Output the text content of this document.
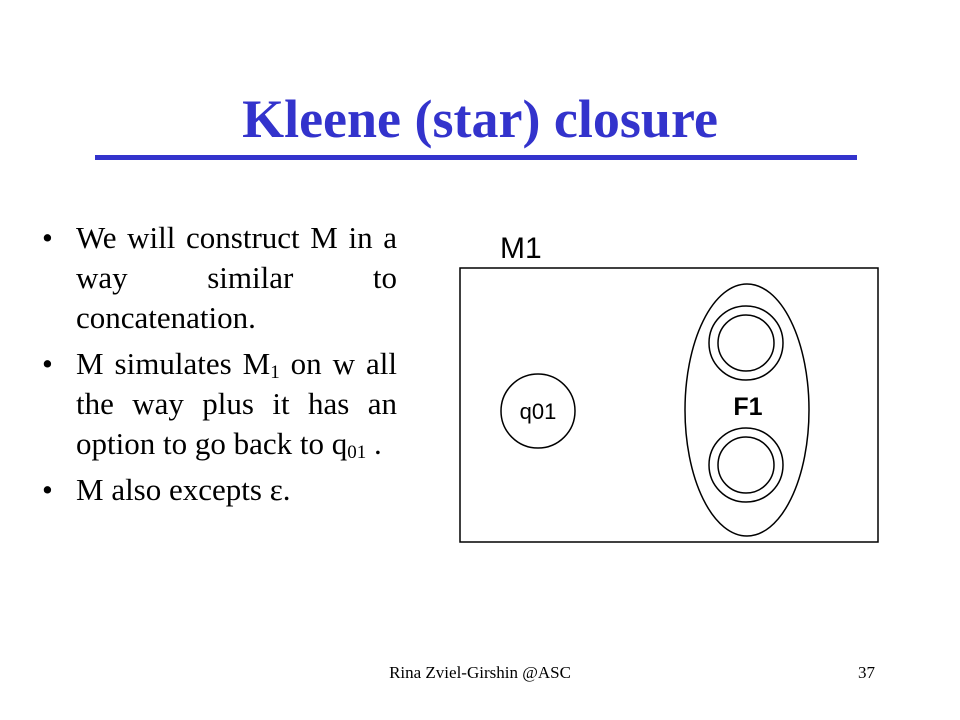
Kleene (star) closure
• We will construct M in a way similar to concatenation.
• M simulates $M_1$ on w all the way plus it has an option to go back to $q_{01}$ .
• M also excepts ε.
M1
q01	F1
Rina Zviel-Girshin @ASC	37
